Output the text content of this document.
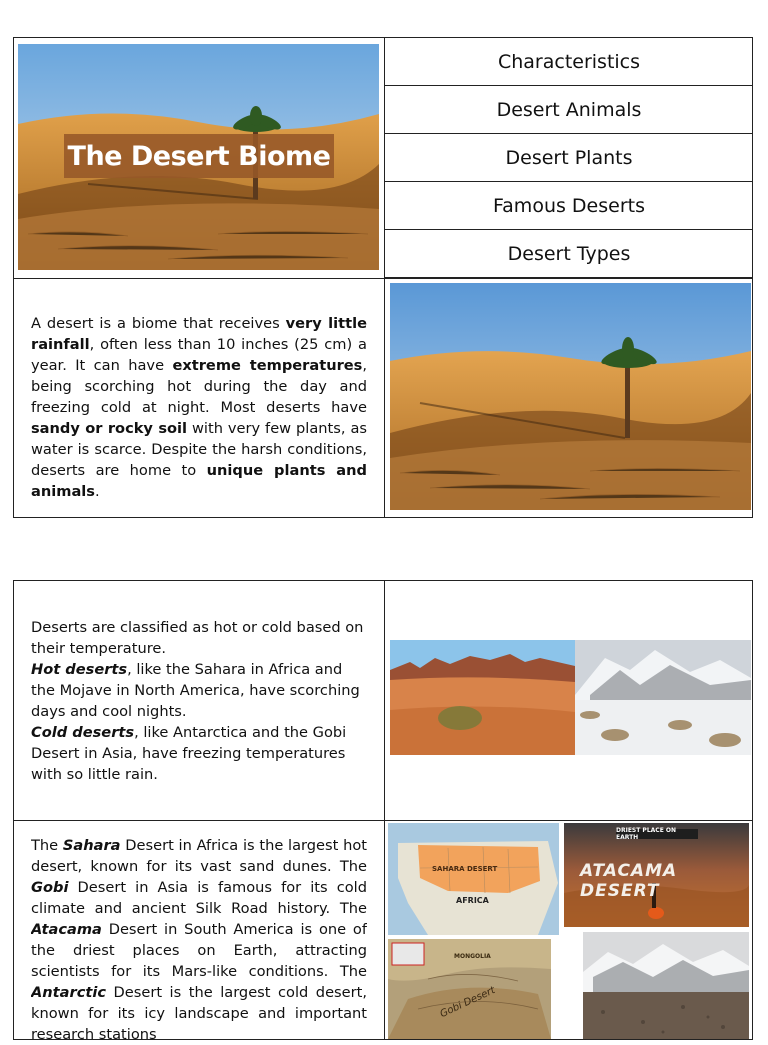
The Desert Biome
Characteristics
Desert Animals
Desert Plants
Famous Deserts
Desert Types

A desert is a biome that receives very little rainfall, often less than 10 inches (25 cm) a year. It can have extreme temperatures, being scorching hot during the day and freezing cold at night. Most deserts have sandy or rocky soil with very few plants, as water is scarce. Despite the harsh conditions, deserts are home to unique plants and animals.

Deserts are classified as hot or cold based on their temperature.
Hot deserts, like the Sahara in Africa and the Mojave in North America, have scorching days and cool nights.
Cold deserts, like Antarctica and the Gobi Desert in Asia, have freezing temperatures with so little rain.

The Sahara Desert in Africa is the largest hot desert, known for its vast sand dunes. The Gobi Desert in Asia is famous for its cold climate and ancient Silk Road history. The Atacama Desert in South America is one of the driest places on Earth, attracting scientists for its Mars-like conditions. The Antarctic Desert is the largest cold desert, known for its icy landscape and important research stations

SAHARA DESERT
AFRICA
DRIEST PLACE ON EARTH
ATACAMA DESERT
MONGOLIA
Gobi Desert
